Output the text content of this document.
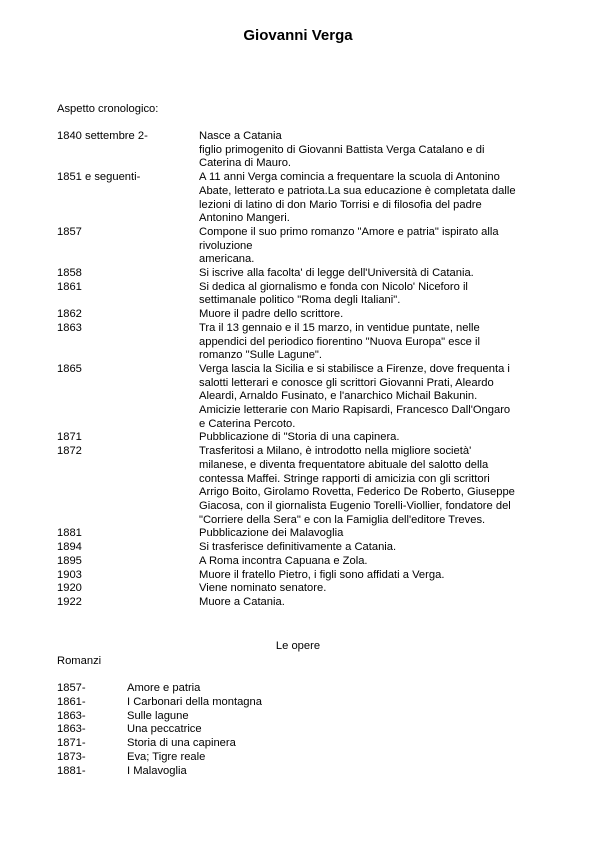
Giovanni Verga
Aspetto cronologico:
1840 settembre 2-	Nasce a Catania
figlio primogenito di Giovanni Battista Verga Catalano e di
Caterina di Mauro.
1851 e seguenti-	A 11 anni Verga comincia a frequentare la scuola di Antonino
Abate, letterato e patriota.La sua educazione è completata dalle
lezioni di latino di don Mario Torrisi e di filosofia del padre
Antonino Mangeri.
1857	Compone il suo primo romanzo "Amore e patria" ispirato alla
rivoluzione
americana.
1858	Si iscrive alla facolta' di legge dell'Università di Catania.
1861	Si dedica al giornalismo e fonda con Nicolo' Niceforo il
settimanale politico "Roma degli Italiani".
1862	Muore il padre dello scrittore.
1863	Tra il 13 gennaio e il 15 marzo, in ventidue puntate, nelle
appendici del periodico fiorentino "Nuova Europa" esce il
romanzo "Sulle Lagune".
1865	Verga lascia la Sicilia e si stabilisce a Firenze, dove frequenta i
salotti letterari e conosce gli scrittori Giovanni Prati, Aleardo
Aleardi, Arnaldo Fusinato, e l'anarchico Michail Bakunin.
Amicizie letterarie con Mario Rapisardi, Francesco Dall'Ongaro
e Caterina Percoto.
1871	Pubblicazione di "Storia di una capinera.
1872	Trasferitosi a Milano, è introdotto nella migliore società'
milanese, e diventa frequentatore abituale del salotto della
contessa Maffei. Stringe rapporti di amicizia con gli scrittori
Arrigo Boito, Girolamo Rovetta, Federico De Roberto, Giuseppe
Giacosa, con il giornalista Eugenio Torelli-Viollier, fondatore del
"Corriere della Sera" e con la Famiglia dell'editore Treves.
1881	Pubblicazione dei Malavoglia
1894	Si trasferisce definitivamente a Catania.
1895	A Roma incontra Capuana e Zola.
1903	Muore il fratello Pietro, i figli sono affidati a Verga.
1920	Viene nominato senatore.
1922	Muore a Catania.
Le opere
Romanzi
1857-	Amore e patria
1861-	I Carbonari della montagna
1863-	Sulle lagune
1863-	Una peccatrice
1871-	Storia di una capinera
1873-	Eva; Tigre reale
1881-	I Malavoglia
